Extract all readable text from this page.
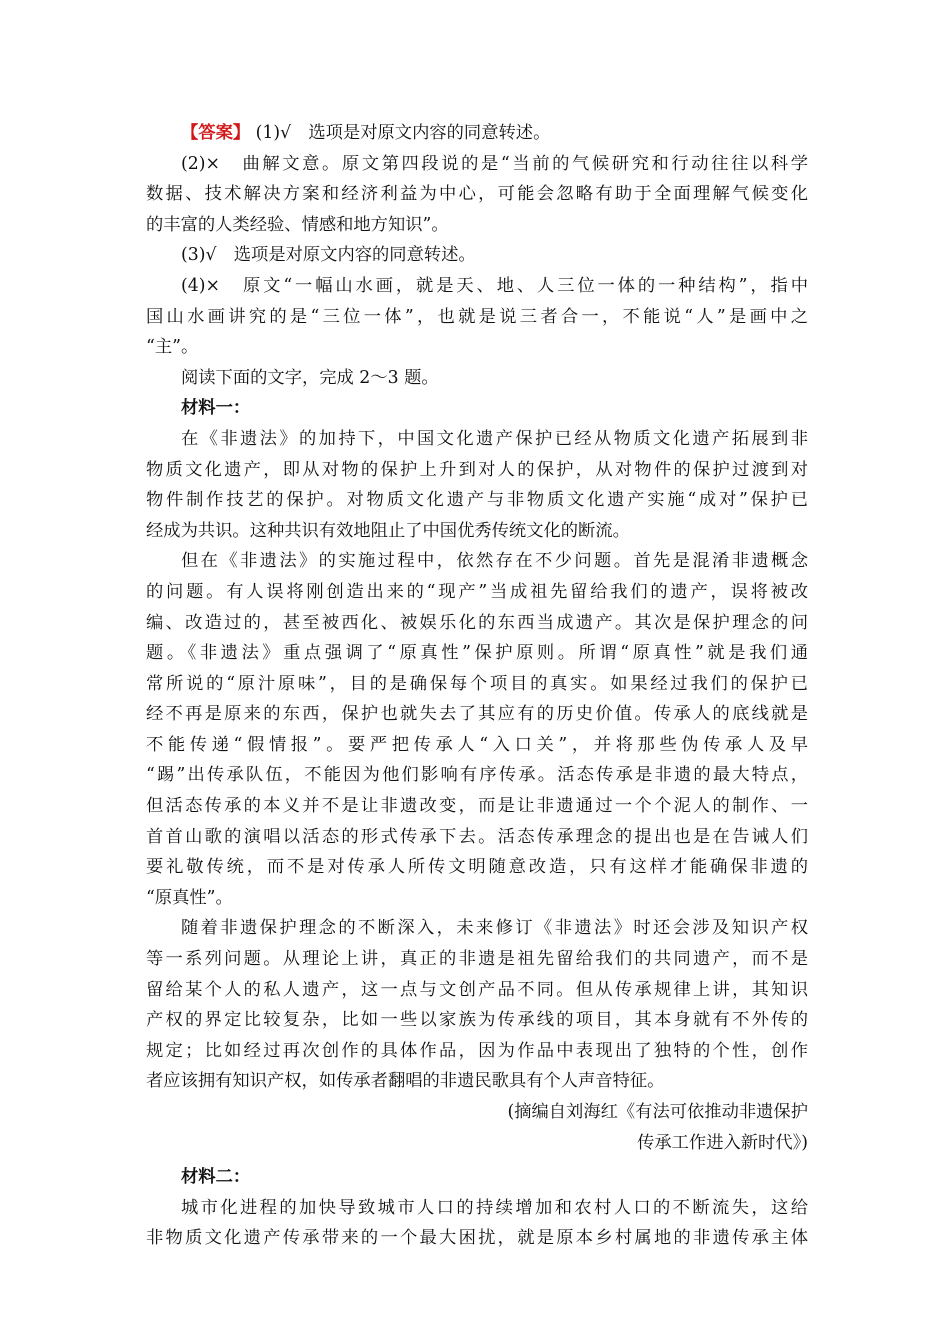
【答案】 (1)√　选项是对原文内容的同意转述。
(2)×　曲解文意。原文第四段说的是“当前的气候研究和行动往往以科学
数据、技术解决方案和经济利益为中心，可能会忽略有助于全面理解气候变化
的丰富的人类经验、情感和地方知识”。
(3)√　选项是对原文内容的同意转述。
(4)×　原文“一幅山水画，就是天、地、人三位一体的一种结构”，指中
国山水画讲究的是“三位一体”，也就是说三者合一，不能说“人”是画中之
“主”。
阅读下面的文字，完成 2～3 题。
材料一：
在《非遗法》的加持下，中国文化遗产保护已经从物质文化遗产拓展到非
物质文化遗产，即从对物的保护上升到对人的保护，从对物件的保护过渡到对
物件制作技艺的保护。对物质文化遗产与非物质文化遗产实施“成对”保护已
经成为共识。这种共识有效地阻止了中国优秀传统文化的断流。
但在《非遗法》的实施过程中，依然存在不少问题。首先是混淆非遗概念
的问题。有人误将刚创造出来的“现产”当成祖先留给我们的遗产，误将被改
编、改造过的，甚至被西化、被娱乐化的东西当成遗产。其次是保护理念的问
题。《非遗法》重点强调了“原真性”保护原则。所谓“原真性”就是我们通
常所说的“原汁原味”，目的是确保每个项目的真实。如果经过我们的保护已
经不再是原来的东西，保护也就失去了其应有的历史价值。传承人的底线就是
不能传递“假情报”。要严把传承人“入口关”，并将那些伪传承人及早
“踢”出传承队伍，不能因为他们影响有序传承。活态传承是非遗的最大特点，
但活态传承的本义并不是让非遗改变，而是让非遗通过一个个泥人的制作、一
首首山歌的演唱以活态的形式传承下去。活态传承理念的提出也是在告诫人们
要礼敬传统，而不是对传承人所传文明随意改造，只有这样才能确保非遗的
“原真性”。
随着非遗保护理念的不断深入，未来修订《非遗法》时还会涉及知识产权
等一系列问题。从理论上讲，真正的非遗是祖先留给我们的共同遗产，而不是
留给某个人的私人遗产，这一点与文创产品不同。但从传承规律上讲，其知识
产权的界定比较复杂，比如一些以家族为传承线的项目，其本身就有不外传的
规定；比如经过再次创作的具体作品，因为作品中表现出了独特的个性，创作
者应该拥有知识产权，如传承者翻唱的非遗民歌具有个人声音特征。
(摘编自刘海红《有法可依推动非遗保护
传承工作进入新时代》)
材料二：
城市化进程的加快导致城市人口的持续增加和农村人口的不断流失，这给
非物质文化遗产传承带来的一个最大困扰，就是原本乡村属地的非遗传承主体
